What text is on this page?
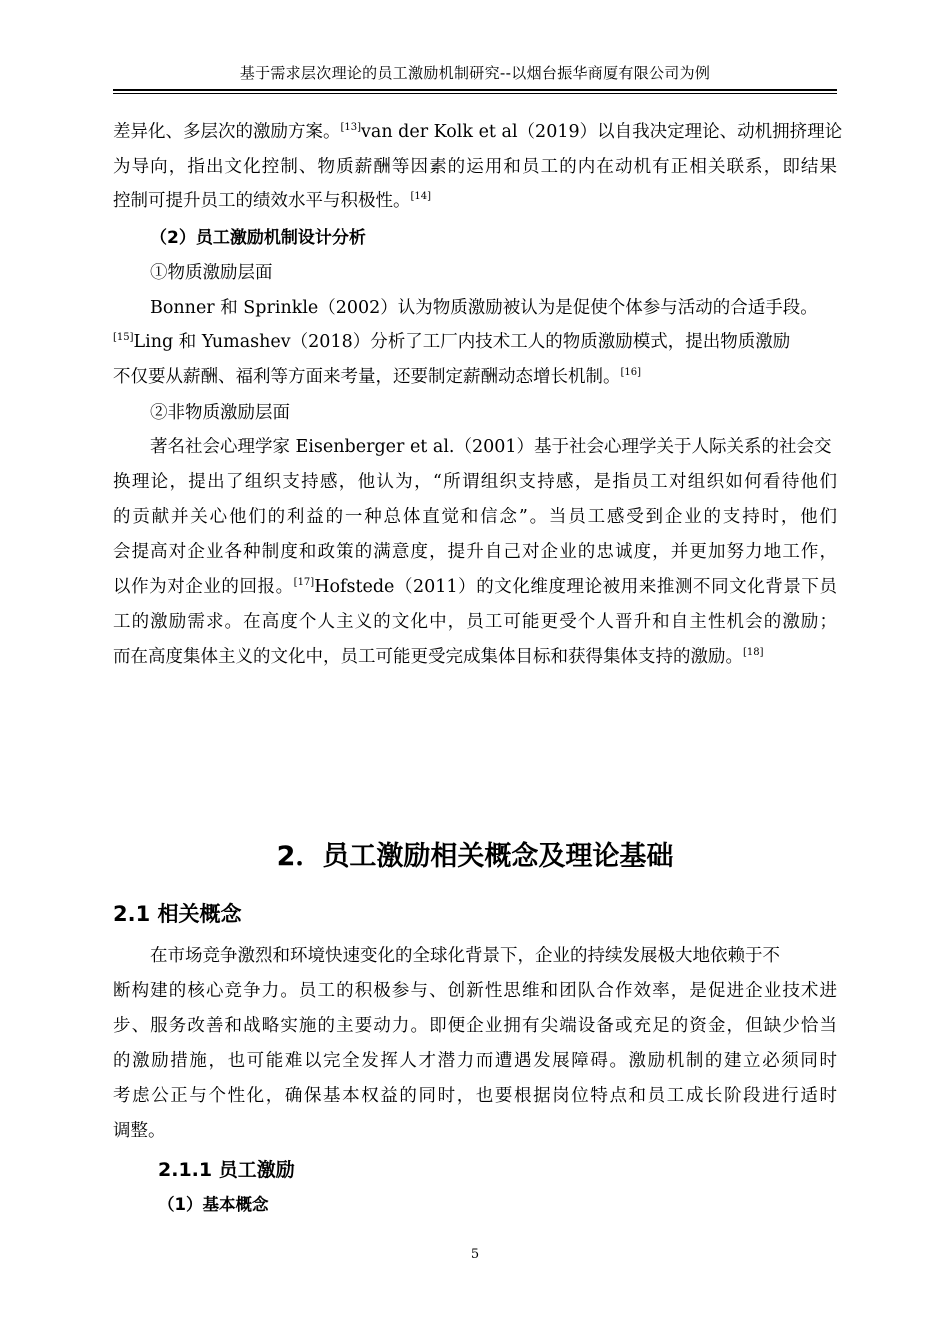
基于需求层次理论的员工激励机制研究--以烟台振华商厦有限公司为例
差异化、多层次的激励方案。[13]van der Kolk et al（2019）以自我决定理论、动机拥挤理论
为导向，指出文化控制、物质薪酬等因素的运用和员工的内在动机有正相关联系，即结果
控制可提升员工的绩效水平与积极性。[14]
（2）员工激励机制设计分析
①物质激励层面
Bonner 和 Sprinkle（2002）认为物质激励被认为是促使个体参与活动的合适手段。
[15]Ling 和 Yumashev（2018）分析了工厂内技术工人的物质激励模式，提出物质激励
不仅要从薪酬、福利等方面来考量，还要制定薪酬动态增长机制。[16]
②非物质激励层面
著名社会心理学家 Eisenberger et al.（2001）基于社会心理学关于人际关系的社会交
换理论，提出了组织支持感，他认为，“所谓组织支持感，是指员工对组织如何看待他们
的贡献并关心他们的利益的一种总体直觉和信念”。当员工感受到企业的支持时，他们
会提高对企业各种制度和政策的满意度，提升自己对企业的忠诚度，并更加努力地工作，
以作为对企业的回报。[17]Hofstede（2011）的文化维度理论被用来推测不同文化背景下员
工的激励需求。在高度个人主义的文化中，员工可能更受个人晋升和自主性机会的激励；
而在高度集体主义的文化中，员工可能更受完成集体目标和获得集体支持的激励。[18]
2．员工激励相关概念及理论基础
2.1 相关概念
在市场竞争激烈和环境快速变化的全球化背景下，企业的持续发展极大地依赖于不
断构建的核心竞争力。员工的积极参与、创新性思维和团队合作效率，是促进企业技术进
步、服务改善和战略实施的主要动力。即便企业拥有尖端设备或充足的资金，但缺少恰当
的激励措施，也可能难以完全发挥人才潜力而遭遇发展障碍。激励机制的建立必须同时
考虑公正与个性化，确保基本权益的同时，也要根据岗位特点和员工成长阶段进行适时
调整。
2.1.1 员工激励
（1）基本概念
5
